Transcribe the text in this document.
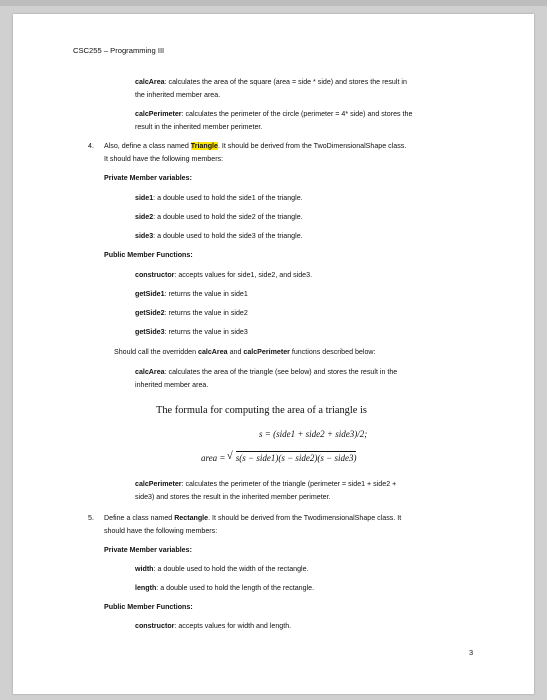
CSC255 – Programming III
calcArea: calculates the area of the square (area = side * side) and stores the result in
the inherited member area.
calcPerimeter: calculates the perimeter of the circle (perimeter = 4* side) and stores the
result in the inherited member perimeter.
4. Also, define a class named Triangle. It should be derived from the TwoDimensionalShape class.
It should have the following members:
Private Member variables:
side1: a double used to hold the side1 of the triangle.
side2: a double used to hold the side2 of the triangle.
side3: a double used to hold the side3 of the triangle.
Public Member Functions:
constructor: accepts values for side1, side2, and side3.
getSide1: returns the value in side1
getSide2: returns the value in side2
getSide3: returns the value in side3
Should call the overridden calcArea and calcPerimeter functions described below:
calcArea: calculates the area of the triangle (see below) and stores the result in the
inherited member area.
calcPerimeter: calculates the perimeter of the triangle (perimeter = side1 + side2 +
side3) and stores the result in the inherited member perimeter.
5. Define a class named Rectangle. It should be derived from the TwodimensionalShape class. It
should have the following members:
Private Member variables:
width: a double used to hold the width of the rectangle.
length: a double used to hold the length of the rectangle.
Public Member Functions:
constructor: accepts values for width and length.
The formula for computing the area of a triangle is
s = (side1 + side2 + side3)/2;
area = √ s(s − side1)(s − side2)(s − side3)
3
